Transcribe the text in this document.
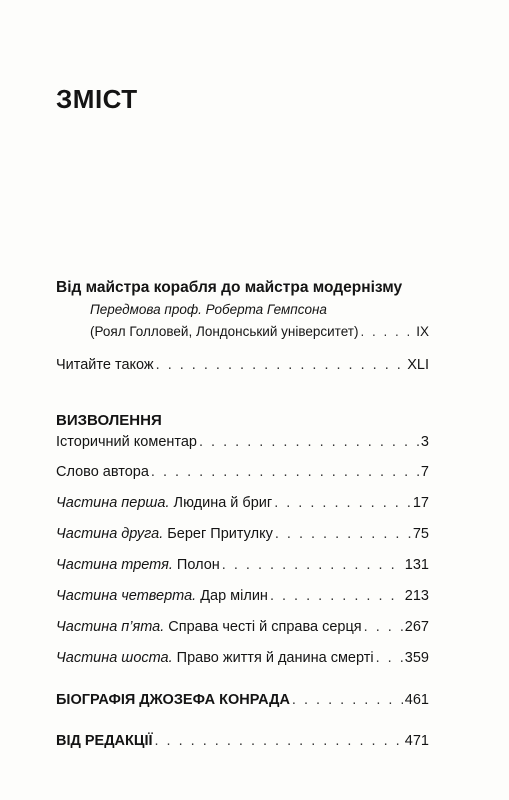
ЗМІСТ
Від майстра корабля до майстра модернізму
Передмова проф. Роберта Гемпсона
(Роял Голловей, Лондонський університет) . . .	IX
Читайте також . . .	XLI
ВИЗВОЛЕННЯ
Історичний коментар . . .	3
Слово автора . . .	7
Частина перша. Людина й бриг . . .	17
Частина друга. Берег Притулку . . .	75
Частина третя. Полон . . .	131
Частина четверта. Дар мілин . . .	213
Частина п’ята. Справа честі й справа серця . . .	267
Частина шоста. Право життя й данина смерті . . . 359
БІОГРАФІЯ ДЖОЗЕФА КОНРАДА . . .	461
ВІД РЕДАКЦІЇ . . .	471
